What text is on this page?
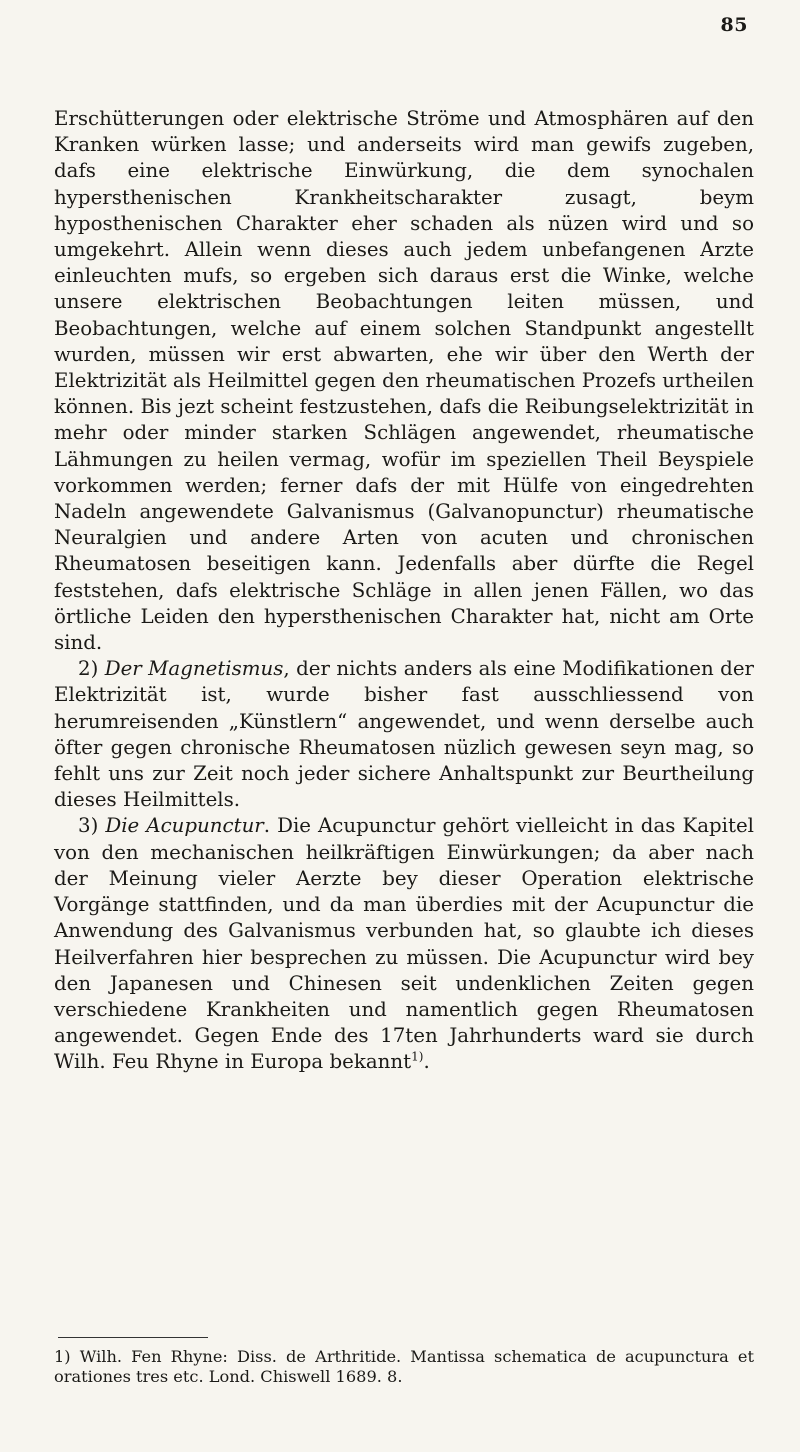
85

Erschütterungen oder elektrische Ströme und Atmosphären auf den Kranken würken lasse; und anderseits wird man gewifs zugeben, dafs eine elektrische Einwürkung, die dem synochalen hypersthenischen Krankheitscharakter zusagt, beym hyposthenischen Charakter eher schaden als nüzen wird und so umgekehrt. Allein wenn dieses auch jedem unbefangenen Arzte einleuchten mufs, so ergeben sich daraus erst die Winke, welche unsere elektrischen Beobachtungen leiten müssen, und Beobachtungen, welche auf einem solchen Standpunkt angestellt wurden, müssen wir erst abwarten, ehe wir über den Werth der Elektrizität als Heilmittel gegen den rheumatischen Prozefs urtheilen können. Bis jezt scheint festzustehen, dafs die Reibungselektrizität in mehr oder minder starken Schlägen angewendet, rheumatische Lähmungen zu heilen vermag, wofür im speziellen Theil Beyspiele vorkommen werden; ferner dafs der mit Hülfe von eingedrehten Nadeln angewendete Galvanismus (Galvanopunctur) rheumatische Neuralgien und andere Arten von acuten und chronischen Rheumatosen beseitigen kann. Jedenfalls aber dürfte die Regel feststehen, dafs elektrische Schläge in allen jenen Fällen, wo das örtliche Leiden den hypersthenischen Charakter hat, nicht am Orte sind.

2) Der Magnetismus, der nichts anders als eine Modifikationen der Elektrizität ist, wurde bisher fast ausschliessend von herumreisenden „Künstlern“ angewendet, und wenn derselbe auch öfter gegen chronische Rheumatosen nüzlich gewesen seyn mag, so fehlt uns zur Zeit noch jeder sichere Anhaltspunkt zur Beurtheilung dieses Heilmittels.

3) Die Acupunctur. Die Acupunctur gehört vielleicht in das Kapitel von den mechanischen heilkräftigen Einwürkungen; da aber nach der Meinung vieler Aerzte bey dieser Operation elektrische Vorgänge stattfinden, und da man überdies mit der Acupunctur die Anwendung des Galvanismus verbunden hat, so glaubte ich dieses Heilverfahren hier besprechen zu müssen. Die Acupunctur wird bey den Japanesen und Chinesen seit undenklichen Zeiten gegen verschiedene Krankheiten und namentlich gegen Rheumatosen angewendet. Gegen Ende des 17ten Jahrhunderts ward sie durch Wilh. Feu Rhyne in Europa bekannt$^{1)}$.

1) Wilh. Fen Rhyne: Diss. de Arthritide. Mantissa schematica de acupunctura et orationes tres etc. Lond. Chiswell 1689. 8.
